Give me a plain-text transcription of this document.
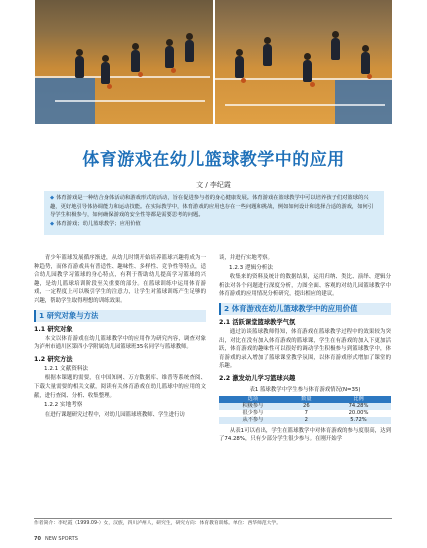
体育游戏在幼儿篮球教学中的应用
文 / 李纪霞

◆ 体育游戏是一种结合身体活动和游戏形式的活动，旨在促进参与者的身心健康发展。体育游戏在篮球教学中可以培养孩子们对篮球的兴趣，更好地引导体协调能力和运动技能。在实际教学中，体育游戏的应用也存在一些问题和挑战，例如如何设计和选择合适的游戏，如何引导学生积极参与，如何确保游戏的安全性等都是需要思考的问题。

◆ 体育游戏；幼儿篮球教学；应用价值

青少年篮球发展循序渐进，从幼儿时期开始培养篮球兴趣将成为一种趋势，而体育游戏具有普适性、趣味性、多样性、竞争性等特点，适合幼儿园教学习篮球的身心特点，有利于帮助幼儿提高学习篮球的兴趣，是幼儿篮球培训阶段至关重要的部分。在篮球训练中运用体育游戏，一定程度上可以吸引学生的注意力，让学生对篮球训练产生足够的兴趣，帮助学生取得理想的训练效果。

1 研究对象与方法
1.1 研究对象

本文以体育游戏在幼儿篮球教学中的应用作为研究内容，调查对象为泸州市通川区第四小学附属幼儿园篮球班35名同学与篮球教师。

1.2 研究方法
1.2.1 文献资料法

根据本课题的需要，在中国知网、万方数据库、维普等系统查阅、下载大量需要的相关文献，阅读有关体育游戏在幼儿篮球中的应用的文献，进行查阅、分析、收集整理。

1.2.2 实地考察

在进行课题研究过程中，对幼儿园篮球班教师、学生进行访

谈，并进行实地考察。

1.2.3 逻辑分析法

收集来的资料及统计的数据结果，运用归纳、类比、演绎、逻辑分析法对各个问题进行深度分析，力图全面、客观的对幼儿园篮球教学中体育游戏的应用情况分析研究，提出相应的建议。

2 体育游戏在幼儿篮球教学中的应用价值
2.1 活跃课堂篮球教学气氛

通过访谈篮球教师得知，体育游戏在篮球教学过程中的效果较为突出，对比在没有加入体育游戏的篮球课，学生在有游戏的加入下更加活跃，体育游戏的趣味性可以很好的调动学生积极参与到篮球教学中，体育游戏的录入增加了篮球课堂教学氛围，以体育游戏形式增加了课堂的乐趣。

2.2 激发幼儿学习篮球兴趣
表1 篮球教学中学生参与体育游戏情况(N=35)
选项	数量	比例
积极参与	26	74.28%
很少参与	7	20.00%
从不参与	2	5.72%

从表1可以看出，学生在篮球教学中对体育游戏的参与度很高，达到了74.28%，只有少部分学生很少参与。在刚开始学

作者简介：李纪霞（1999.09-）女，汉族，四川泸州人，研究生，研究方向：体育教育训练。单位：西华师范大学。
70 NEW SPORTS
